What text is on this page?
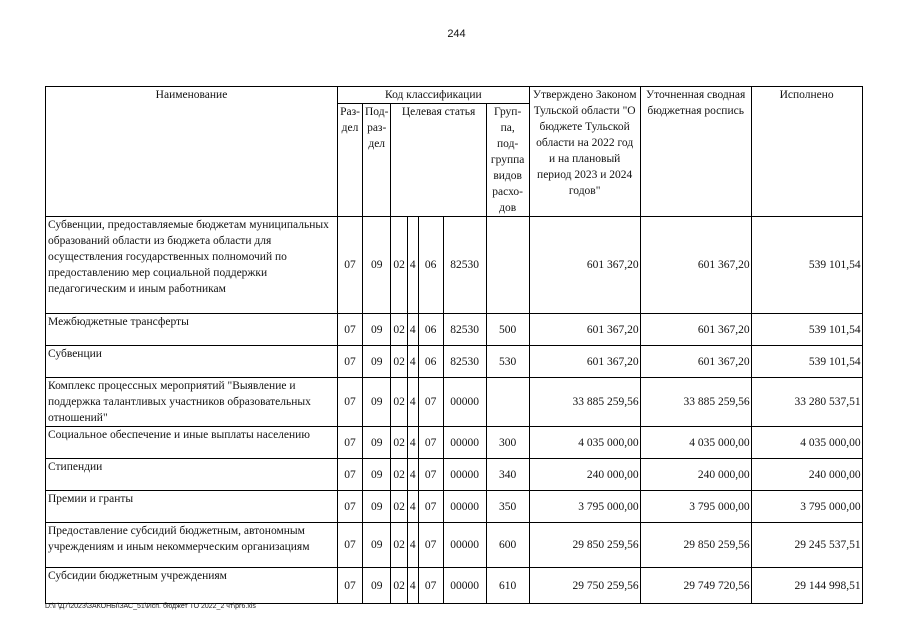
244
Наименование	Код классификации							Утверждено Законом Тульской области "О бюджете Тульской области на 2022 год и на плановый период 2023 и 2024 годов"	Уточненная сводная бюджетная роспись	Исполнено
	Раз-дел	Под-раз-дел	Целевая статья				Груп-па, под-группа видов расхо-дов			
Субвенции, предоставляемые бюджетам муниципальных образований области из бюджета области для осуществления государственных полномочий по предоставлению мер социальной поддержки педагогическим и иным работникам	07	09	02	4	06	82530		601 367,20	601 367,20	539 101,54
Межбюджетные трансферты	07	09	02	4	06	82530	500	601 367,20	601 367,20	539 101,54
Субвенции	07	09	02	4	06	82530	530	601 367,20	601 367,20	539 101,54
Комплекс процессных мероприятий "Выявление и поддержка талантливых участников образовательных отношений"	07	09	02	4	07	00000		33 885 259,56	33 885 259,56	33 280 537,51
Социальное обеспечение и иные выплаты населению	07	09	02	4	07	00000	300	4 035 000,00	4 035 000,00	4 035 000,00
Стипендии	07	09	02	4	07	00000	340	240 000,00	240 000,00	240 000,00
Премии и гранты	07	09	02	4	07	00000	350	3 795 000,00	3 795 000,00	3 795 000,00
Предоставление субсидий бюджетным, автономным учреждениям и иным некоммерческим организациям	07	09	02	4	07	00000	600	29 850 259,56	29 850 259,56	29 245 537,51
Субсидии бюджетным учреждениям	07	09	02	4	07	00000	610	29 750 259,56	29 749 720,56	29 144 998,51
D:\Г\Д7\2023\ЗАКОНЫ\ЗАС_51\Исп. бюджет ТО 2022_2 чт\рг6.xls
